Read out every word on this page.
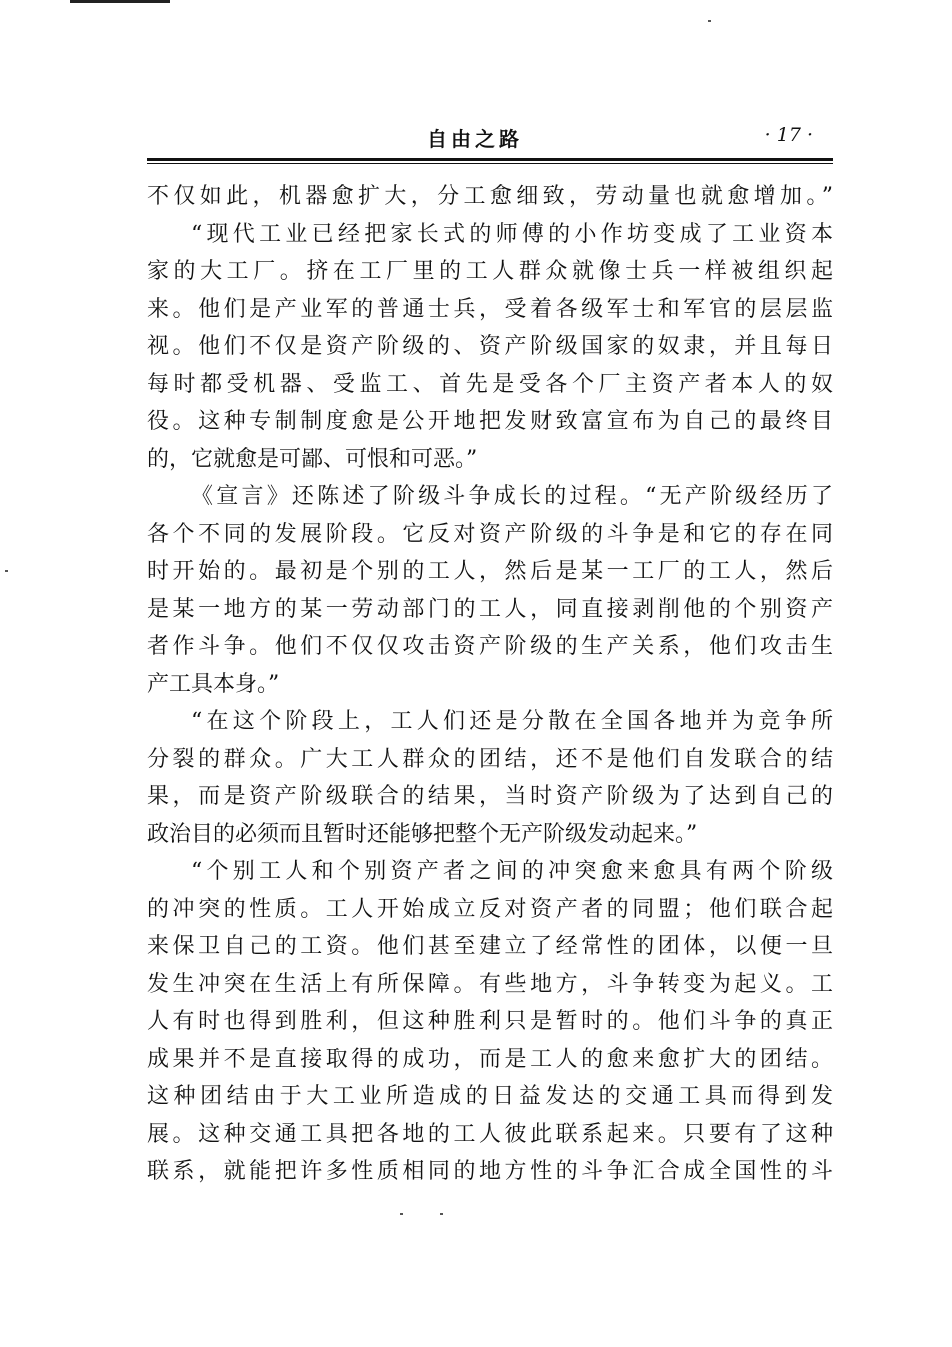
自由之路	· 17 ·
不仅如此，机器愈扩大，分工愈细致，劳动量也就愈增加。”
“现代工业已经把家长式的师傅的小作坊变成了工业资本
家的大工厂。挤在工厂里的工人群众就像士兵一样被组织起
来。他们是产业军的普通士兵，受着各级军士和军官的层层监
视。他们不仅是资产阶级的、资产阶级国家的奴隶，并且每日
每时都受机器、受监工、首先是受各个厂主资产者本人的奴
役。这种专制制度愈是公开地把发财致富宣布为自己的最终目
的，它就愈是可鄙、可恨和可恶。”
《宣言》还陈述了阶级斗争成长的过程。“无产阶级经历了
各个不同的发展阶段。它反对资产阶级的斗争是和它的存在同
时开始的。最初是个别的工人，然后是某一工厂的工人，然后
是某一地方的某一劳动部门的工人，同直接剥削他的个别资产
者作斗争。他们不仅仅攻击资产阶级的生产关系，他们攻击生
产工具本身。”
“在这个阶段上，工人们还是分散在全国各地并为竞争所
分裂的群众。广大工人群众的团结，还不是他们自发联合的结
果，而是资产阶级联合的结果，当时资产阶级为了达到自己的
政治目的必须而且暂时还能够把整个无产阶级发动起来。”
“个别工人和个别资产者之间的冲突愈来愈具有两个阶级
的冲突的性质。工人开始成立反对资产者的同盟；他们联合起
来保卫自己的工资。他们甚至建立了经常性的团体，以便一旦
发生冲突在生活上有所保障。有些地方，斗争转变为起义。工
人有时也得到胜利，但这种胜利只是暂时的。他们斗争的真正
成果并不是直接取得的成功，而是工人的愈来愈扩大的团结。
这种团结由于大工业所造成的日益发达的交通工具而得到发
展。这种交通工具把各地的工人彼此联系起来。只要有了这种
联系，就能把许多性质相同的地方性的斗争汇合成全国性的斗
